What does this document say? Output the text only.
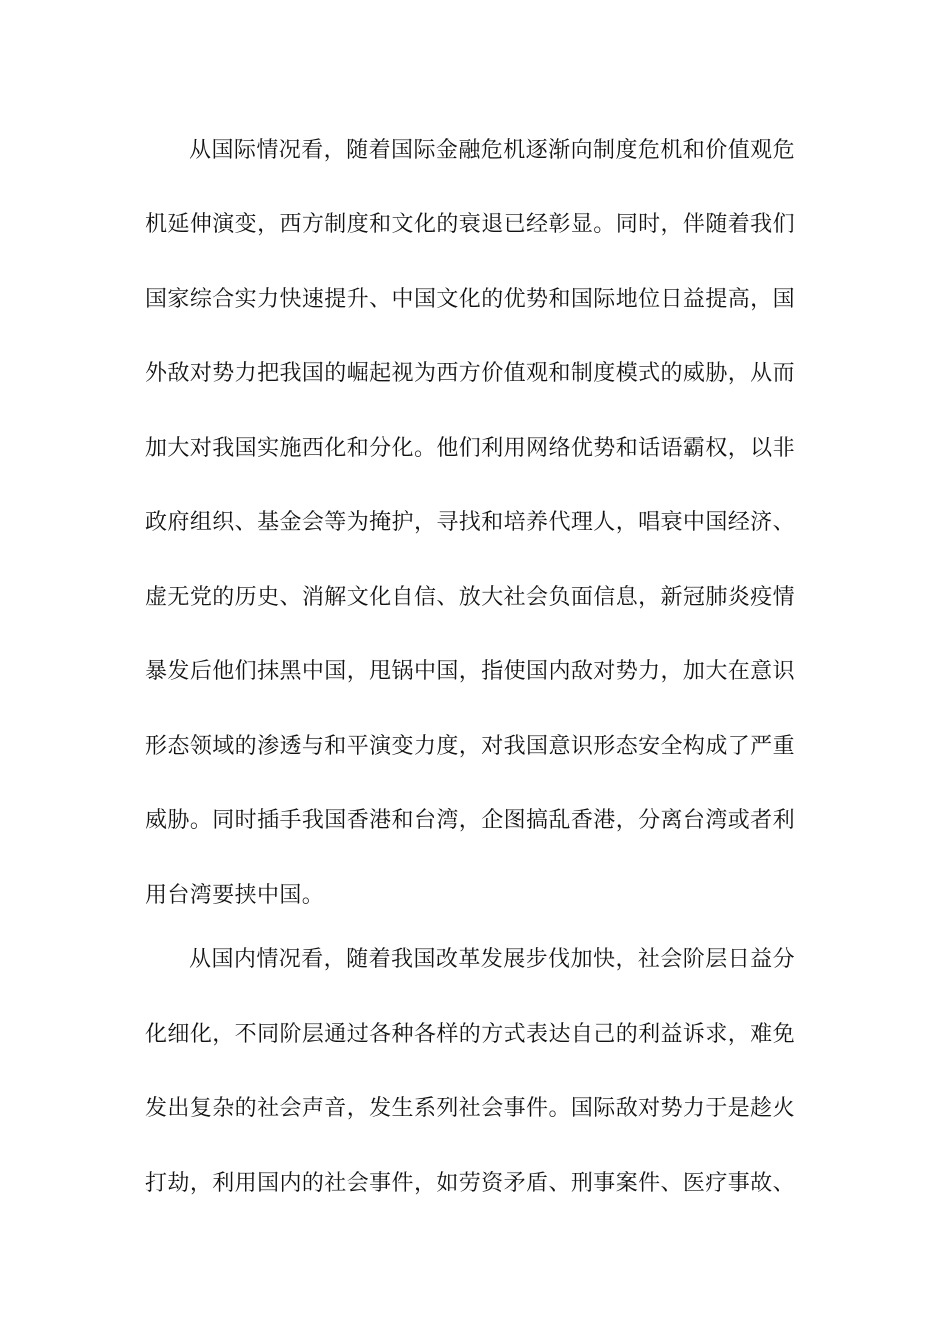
从国际情况看，随着国际金融危机逐渐向制度危机和价值观危
机延伸演变，西方制度和文化的衰退已经彰显。同时，伴随着我们
国家综合实力快速提升、中国文化的优势和国际地位日益提高，国
外敌对势力把我国的崛起视为西方价值观和制度模式的威胁，从而
加大对我国实施西化和分化。他们利用网络优势和话语霸权，以非
政府组织、基金会等为掩护，寻找和培养代理人，唱衰中国经济、
虚无党的历史、消解文化自信、放大社会负面信息，新冠肺炎疫情
暴发后他们抹黑中国，甩锅中国，指使国内敌对势力，加大在意识
形态领域的渗透与和平演变力度，对我国意识形态安全构成了严重
威胁。同时插手我国香港和台湾，企图搞乱香港，分离台湾或者利
用台湾要挟中国。
从国内情况看，随着我国改革发展步伐加快，社会阶层日益分
化细化，不同阶层通过各种各样的方式表达自己的利益诉求，难免
发出复杂的社会声音，发生系列社会事件。国际敌对势力于是趁火
打劫，利用国内的社会事件，如劳资矛盾、刑事案件、医疗事故、
